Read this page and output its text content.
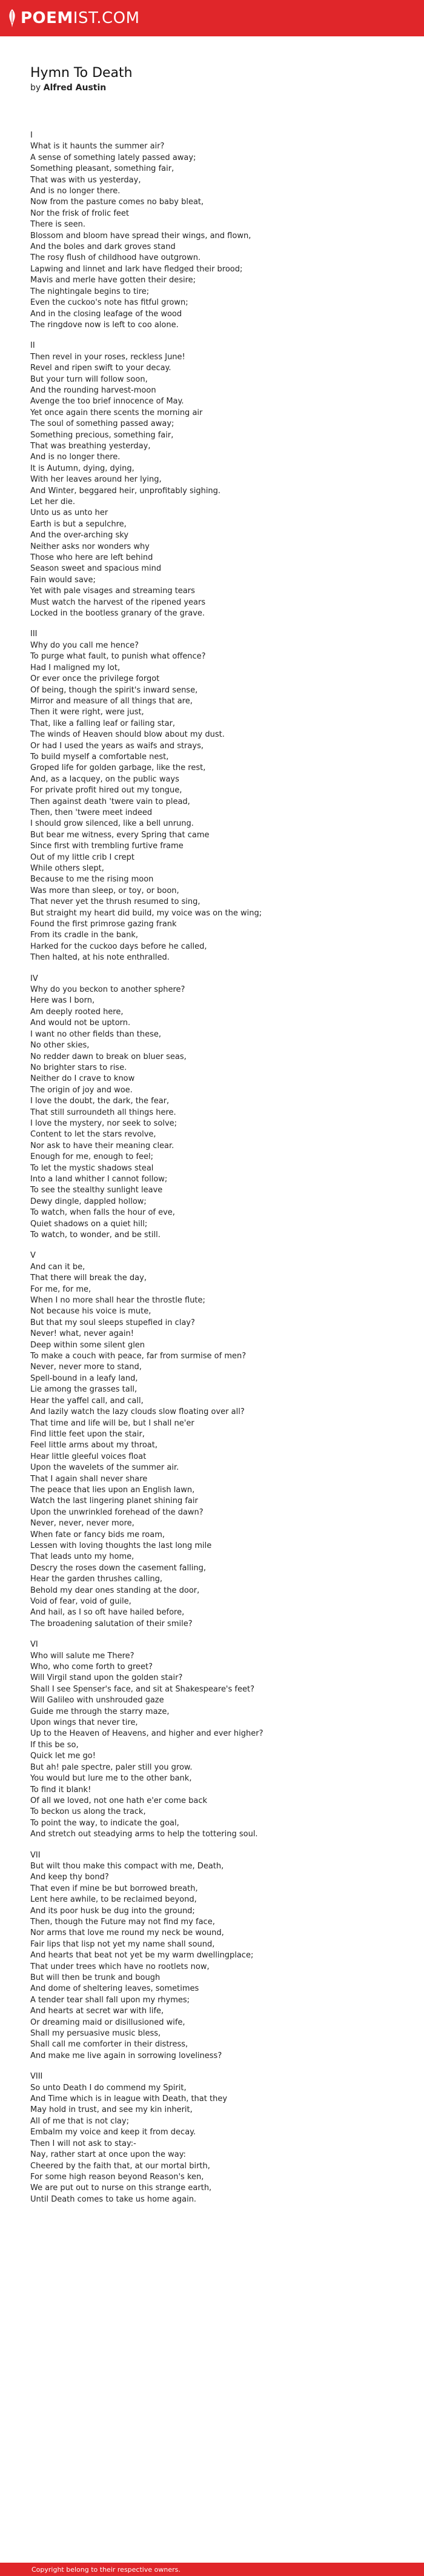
POEMIST.COM
Hymn To Death
by Alfred Austin
I
What is it haunts the summer air?
A sense of something lately passed away;
Something pleasant, something fair,
That was with us yesterday,
And is no longer there.
Now from the pasture comes no baby bleat,
Nor the frisk of frolic feet
There is seen.
Blossom and bloom have spread their wings, and flown,
And the boles and dark groves stand
The rosy flush of childhood have outgrown.
Lapwing and linnet and lark have fledged their brood;
Mavis and merle have gotten their desire;
The nightingale begins to tire;
Even the cuckoo's note has fitful grown;
And in the closing leafage of the wood
The ringdove now is left to coo alone.
II
Then revel in your roses, reckless June!
Revel and ripen swift to your decay.
But your turn will follow soon,
And the rounding harvest-moon
Avenge the too brief innocence of May.
Yet once again there scents the morning air
The soul of something passed away;
Something precious, something fair,
That was breathing yesterday,
And is no longer there.
It is Autumn, dying, dying,
With her leaves around her lying,
And Winter, beggared heir, unprofitably sighing.
Let her die.
Unto us as unto her
Earth is but a sepulchre,
And the over-arching sky
Neither asks nor wonders why
Those who here are left behind
Season sweet and spacious mind
Fain would save;
Yet with pale visages and streaming tears
Must watch the harvest of the ripened years
Locked in the bootless granary of the grave.
III
Why do you call me hence?
To purge what fault, to punish what offence?
Had I maligned my lot,
Or ever once the privilege forgot
Of being, though the spirit's inward sense,
Mirror and measure of all things that are,
Then it were right, were just,
That, like a falling leaf or failing star,
The winds of Heaven should blow about my dust.
Or had I used the years as waifs and strays,
To build myself a comfortable nest,
Groped life for golden garbage, like the rest,
And, as a lacquey, on the public ways
For private profit hired out my tongue,
Then against death 'twere vain to plead,
Then, then 'twere meet indeed
I should grow silenced, like a bell unrung.
But bear me witness, every Spring that came
Since first with trembling furtive frame
Out of my little crib I crept
While others slept,
Because to me the rising moon
Was more than sleep, or toy, or boon,
That never yet the thrush resumed to sing,
But straight my heart did build, my voice was on the wing;
Found the first primrose gazing frank
From its cradle in the bank,
Harked for the cuckoo days before he called,
Then halted, at his note enthralled.
IV
Why do you beckon to another sphere?
Here was I born,
Am deeply rooted here,
And would not be uptorn.
I want no other fields than these,
No other skies,
No redder dawn to break on bluer seas,
No brighter stars to rise.
Neither do I crave to know
The origin of joy and woe.
I love the doubt, the dark, the fear,
That still surroundeth all things here.
I love the mystery, nor seek to solve;
Content to let the stars revolve,
Nor ask to have their meaning clear.
Enough for me, enough to feel;
To let the mystic shadows steal
Into a land whither I cannot follow;
To see the stealthy sunlight leave
Dewy dingle, dappled hollow;
To watch, when falls the hour of eve,
Quiet shadows on a quiet hill;
To watch, to wonder, and be still.
V
And can it be,
That there will break the day,
For me, for me,
When I no more shall hear the throstle flute;
Not because his voice is mute,
But that my soul sleeps stupefied in clay?
Never! what, never again!
Deep within some silent glen
To make a couch with peace, far from surmise of men?
Never, never more to stand,
Spell-bound in a leafy land,
Lie among the grasses tall,
Hear the yaffel call, and call,
And lazily watch the lazy clouds slow floating over all?
That time and life will be, but I shall ne'er
Find little feet upon the stair,
Feel little arms about my throat,
Hear little gleeful voices float
Upon the wavelets of the summer air.
That I again shall never share
The peace that lies upon an English lawn,
Watch the last lingering planet shining fair
Upon the unwrinkled forehead of the dawn?
Never, never, never more,
When fate or fancy bids me roam,
Lessen with loving thoughts the last long mile
That leads unto my home,
Descry the roses down the casement falling,
Hear the garden thrushes calling,
Behold my dear ones standing at the door,
Void of fear, void of guile,
And hail, as I so oft have hailed before,
The broadening salutation of their smile?
VI
Who will salute me There?
Who, who come forth to greet?
Will Virgil stand upon the golden stair?
Shall I see Spenser's face, and sit at Shakespeare's feet?
Will Galileo with unshrouded gaze
Guide me through the starry maze,
Upon wings that never tire,
Up to the Heaven of Heavens, and higher and ever higher?
If this be so,
Quick let me go!
But ah! pale spectre, paler still you grow.
You would but lure me to the other bank,
To find it blank!
Of all we loved, not one hath e'er come back
To beckon us along the track,
To point the way, to indicate the goal,
And stretch out steadying arms to help the tottering soul.
VII
But wilt thou make this compact with me, Death,
And keep thy bond?
That even if mine be but borrowed breath,
Lent here awhile, to be reclaimed beyond,
And its poor husk be dug into the ground;
Then, though the Future may not find my face,
Nor arms that love me round my neck be wound,
Fair lips that lisp not yet my name shall sound,
And hearts that beat not yet be my warm dwellingplace;
That under trees which have no rootlets now,
But will then be trunk and bough
And dome of sheltering leaves, sometimes
A tender tear shall fall upon my rhymes;
And hearts at secret war with life,
Or dreaming maid or disillusioned wife,
Shall my persuasive music bless,
Shall call me comforter in their distress,
And make me live again in sorrowing loveliness?
VIII
So unto Death I do commend my Spirit,
And Time which is in league with Death, that they
May hold in trust, and see my kin inherit,
All of me that is not clay;
Embalm my voice and keep it from decay.
Then I will not ask to stay:-
Nay, rather start at once upon the way:
Cheered by the faith that, at our mortal birth,
For some high reason beyond Reason's ken,
We are put out to nurse on this strange earth,
Until Death comes to take us home again.
Copyright belong to their respective owners.
